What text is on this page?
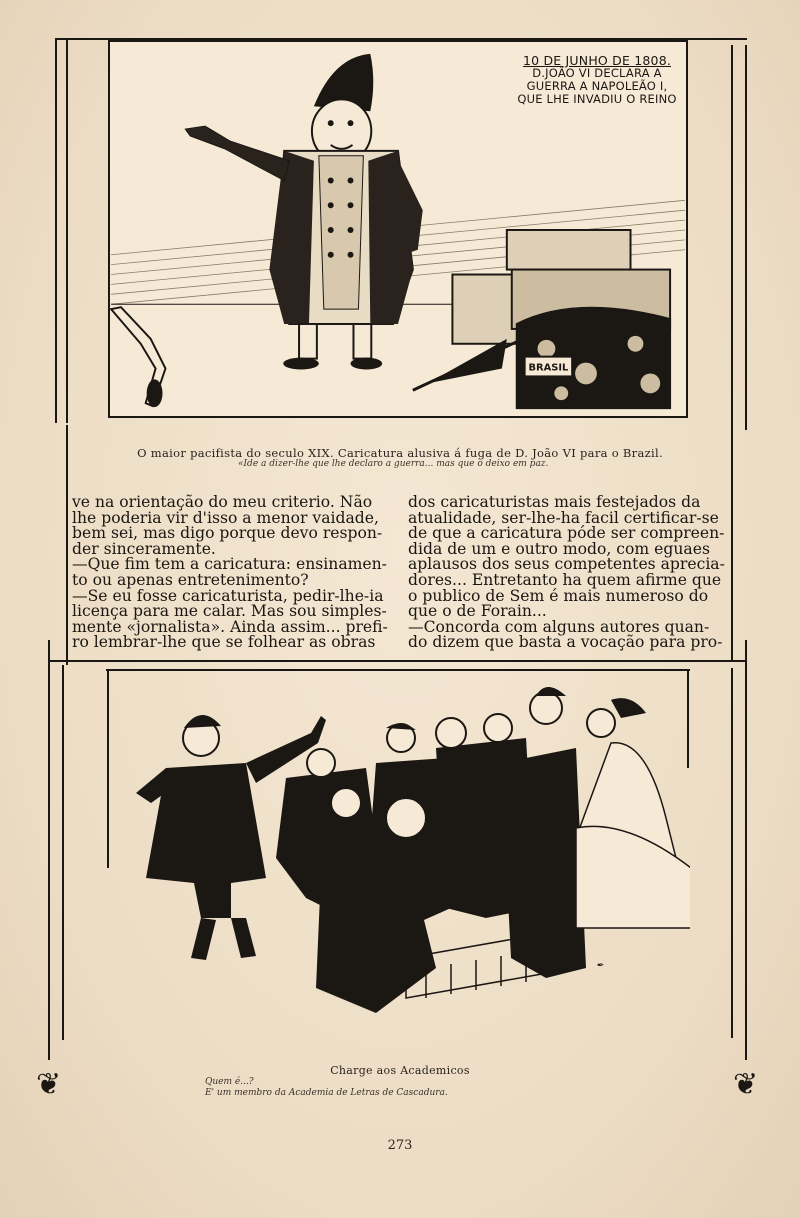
BRASIL
✒
10 DE JUNHO DE 1808.
D.JOÃO VI DECLARA A
GUERRA A NAPOLEÃO I,
QUE LHE INVADIU O REINO
O maior pacifista do seculo XIX. Caricatura alusiva á fuga de D. João VI para o Brazil.
«Ide a dizer-lhe que lhe declaro a guerra... mas que o deixo em paz.

ve na orientação do meu criterio. Não

lhe poderia vir d'isso a menor vaidade,

bem sei, mas digo porque devo respon-

der sinceramente.

—Que fim tem a caricatura: ensinamen-

to ou apenas entretenimento?

—Se eu fosse caricaturista, pedir-lhe-ia

licença para me calar. Mas sou simples-

mente «jornalista». Ainda assim... prefi-

ro lembrar-lhe que se folhear as obras

dos caricaturistas mais festejados da

atualidade, ser-lhe-ha facil certificar-se

de que a caricatura póde ser compreen-

dida de um e outro modo, com eguaes

aplausos dos seus competentes aprecia-

dores... Entretanto ha quem afirme que

o publico de Sem é mais numeroso do

que o de Forain...

—Concorda com alguns autores quan-

do dizem que basta a vocação para pro-

✒
Charge aos Academicos
Quem é...?
E' um membro da Academia de Letras de Cascadura.
❦	❦
273
